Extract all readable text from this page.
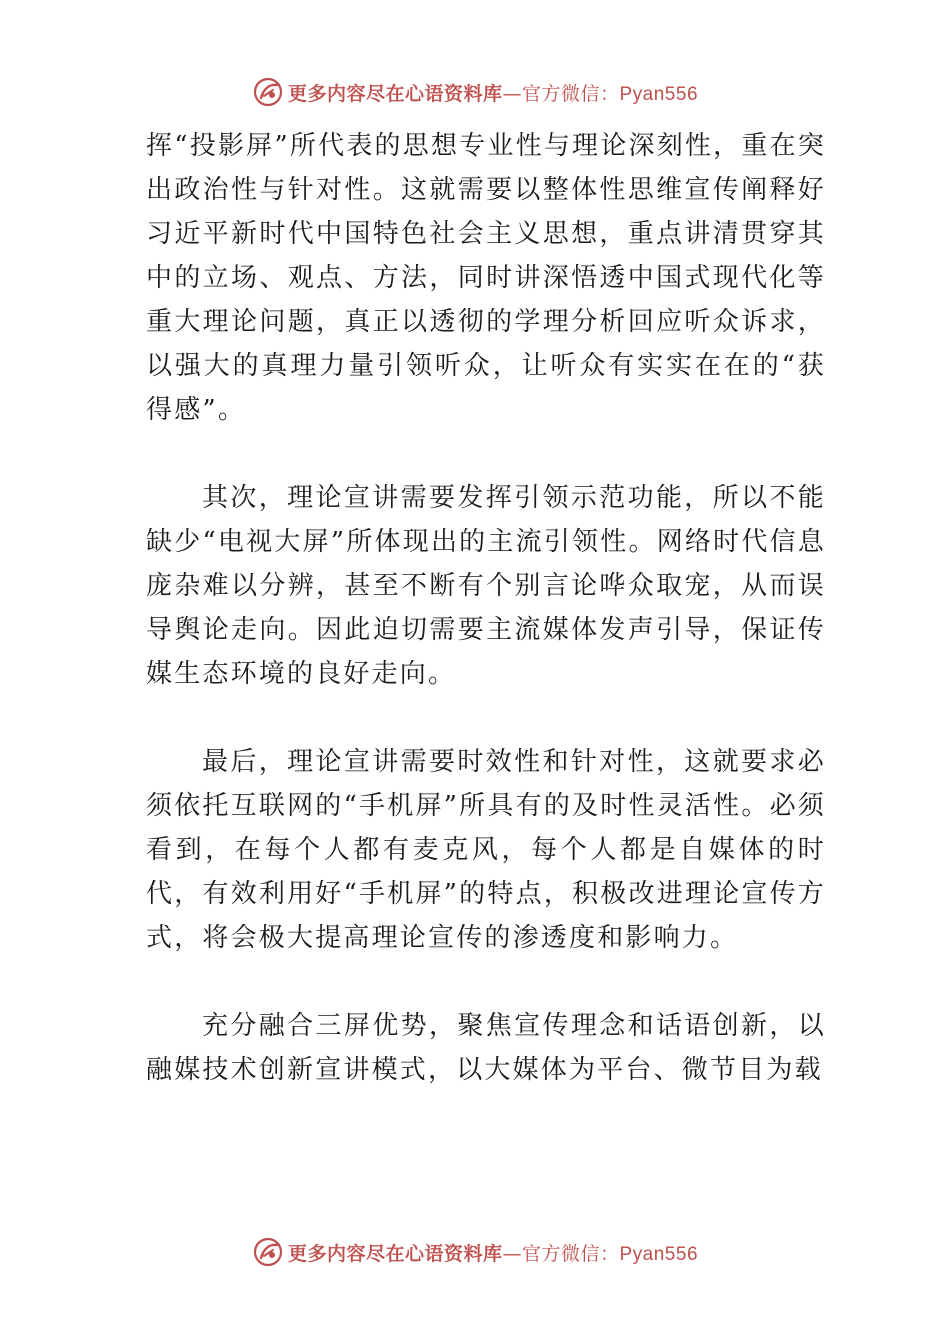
更多内容尽在心语资料库—官方微信：Pyan556

挥“投影屏”所代表的思想专业性与理论深刻性，重在突出政治性与针对性。这就需要以整体性思维宣传阐释好习近平新时代中国特色社会主义思想，重点讲清贯穿其中的立场、观点、方法，同时讲深悟透中国式现代化等重大理论问题，真正以透彻的学理分析回应听众诉求， 以强大的真理力量引领听众，让听众有实实在在的“获得感”。

其次，理论宣讲需要发挥引领示范功能，所以不能缺少“电视大屏”所体现出的主流引领性。网络时代信息庞杂难以分辨，甚至不断有个别言论哗众取宠，从而误导舆论走向。因此迫切需要主流媒体发声引导，保证传媒生态环境的良好走向。

最后，理论宣讲需要时效性和针对性，这就要求必须依托互联网的“手机屏”所具有的及时性灵活性。必须看到，在每个人都有麦克风，每个人都是自媒体的时代，有效利用好“手机屏”的特点，积极改进理论宣传方式，将会极大提高理论宣传的渗透度和影响力。

充分融合三屏优势，聚焦宣传理念和话语创新，以融媒技术创新宣讲模式，以大媒体为平台、微节目为载

更多内容尽在心语资料库—官方微信：Pyan556
